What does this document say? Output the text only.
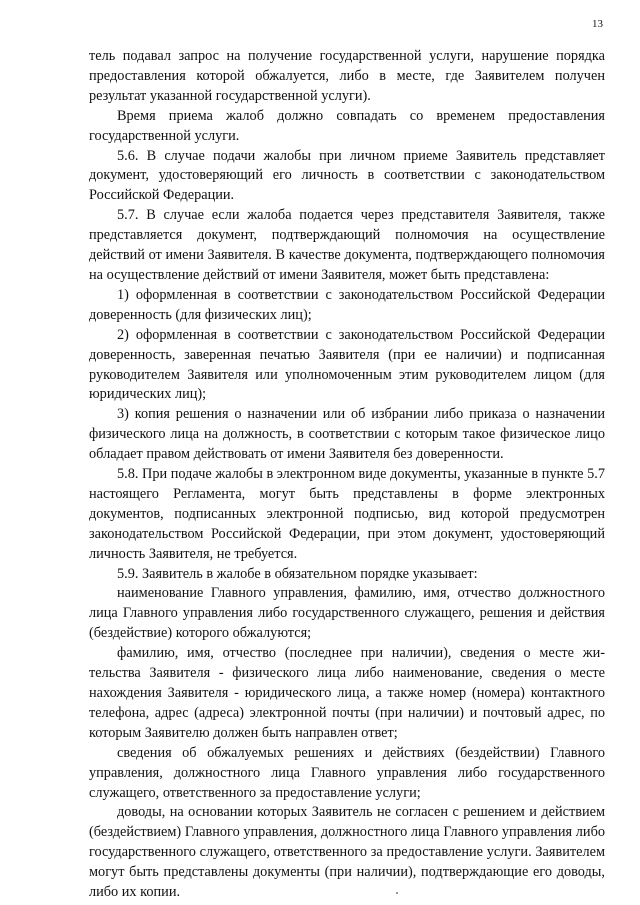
13

тель подавал запрос на получение государственной услуги, нарушение порядка предоставления которой обжалуется, либо в месте, где Заявителем получен результат указанной государственной услуги).

Время приема жалоб должно совпадать со временем предоставления государственной услуги.

5.6. В случае подачи жалобы при личном приеме Заявитель представляет документ, удостоверяющий его личность в соответствии с законодательством Российской Федерации.

5.7. В случае если жалоба подается через представителя Заявителя, также представляется документ, подтверждающий полномочия на осуществление действий от имени Заявителя. В качестве документа, подтверждающего полномочия на осуществление действий от имени Заявителя, может быть представлена:

1) оформленная в соответствии с законодательством Российской Федерации доверенность (для физических лиц);

2) оформленная в соответствии с законодательством Российской Федерации доверенность, заверенная печатью Заявителя (при ее наличии) и подписанная руководителем Заявителя или уполномоченным этим руководителем лицом (для юридических лиц);

3) копия решения о назначении или об избрании либо приказа о назначении физического лица на должность, в соответствии с которым такое физическое лицо обладает правом действовать от имени Заявителя без доверенности.

5.8. При подаче жалобы в электронном виде документы, указанные в пункте 5.7 настоящего Регламента, могут быть представлены в форме электронных документов, подписанных электронной подписью, вид которой предусмотрен законодательством Российской Федерации, при этом документ, удостоверяющий личность Заявителя, не требуется.

5.9. Заявитель в жалобе в обязательном порядке указывает:

наименование Главного управления, фамилию, имя, отчество должностного лица Главного управления либо государственного служащего, решения и действия (бездействие) которого обжалуются;

фамилию, имя, отчество (последнее при наличии), сведения о месте жительства Заявителя - физического лица либо наименование, сведения о месте нахождения Заявителя - юридического лица, а также номер (номера) контактного телефона, адрес (адреса) электронной почты (при наличии) и почтовый адрес, по которым Заявителю должен быть направлен ответ;

сведения об обжалуемых решениях и действиях (бездействии) Главного управления, должностного лица Главного управления либо государственного служащего, ответственного за предоставление услуги;

доводы, на основании которых Заявитель не согласен с решением и действием (бездействием) Главного управления, должностного лица Главного управления либо государственного служащего, ответственного за предоставление услуги. Заявителем могут быть представлены документы (при наличии), подтверждающие его доводы, либо их копии.
